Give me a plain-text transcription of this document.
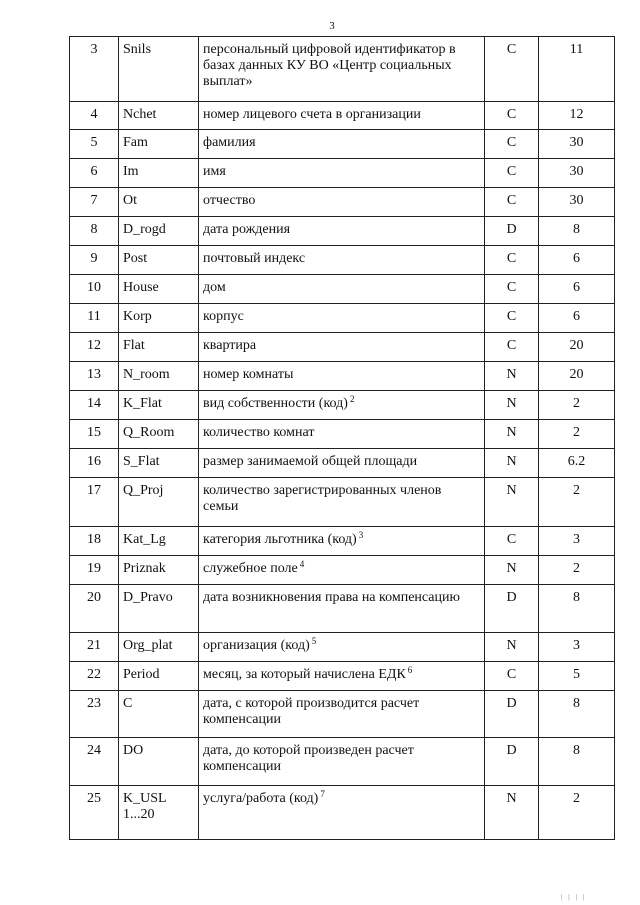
3
3	Snils	персональный цифровой идентификатор в базах данных КУ ВО «Центр социальных выплат»	C	11
4	Nchet	номер лицевого счета в организации	C	12
5	Fam	фамилия	C	30
6	Im	имя	C	30
7	Ot	отчество	C	30
8	D_rogd	дата рождения	D	8
9	Post	почтовый индекс	C	6
10	House	дом	C	6
11	Korp	корпус	C	6
12	Flat	квартира	C	20
13	N_room	номер комнаты	N	20
14	K_Flat	вид собственности (код) $^2$	N	2
15	Q_Room	количество комнат	N	2
16	S_Flat	размер занимаемой общей площади	N	6.2
17	Q_Proj	количество зарегистрированных членов семьи	N	2
18	Kat_Lg	категория льготника (код) $^3$	C	3
19	Priznak	служебное поле $^4$	N	2
20	D_Pravo	дата возникновения права на компенсацию	D	8
21	Org_plat	организация (код) $^5$	N	3
22	Period	месяц, за который начислена ЕДК $^6$	C	5
23	C	дата, с которой производится расчет компенсации	D	8
24	DO	дата, до которой произведен расчет компенсации	D	8
25	K_USL 1...20	услуга/работа (код) $^7$	N	2
| | | |
